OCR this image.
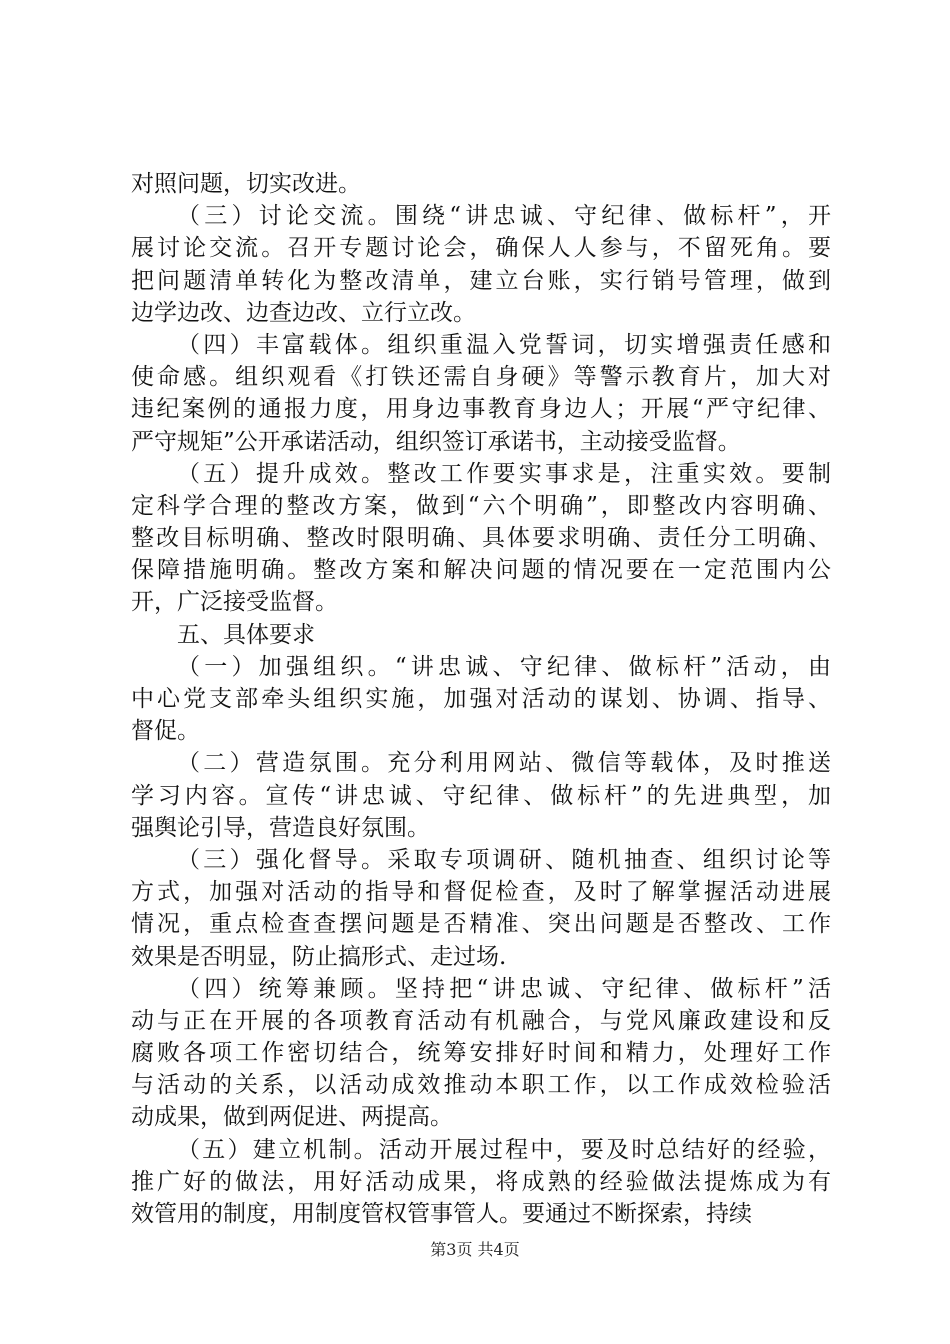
对照问题，切实改进。
（三）讨论交流。围绕“讲忠诚、守纪律、做标杆”，开
展讨论交流。召开专题讨论会，确保人人参与，不留死角。要
把问题清单转化为整改清单，建立台账，实行销号管理，做到
边学边改、边查边改、立行立改。
（四）丰富载体。组织重温入党誓词，切实增强责任感和
使命感。组织观看《打铁还需自身硬》等警示教育片，加大对
违纪案例的通报力度，用身边事教育身边人；开展“严守纪律、
严守规矩”公开承诺活动，组织签订承诺书，主动接受监督。
（五）提升成效。整改工作要实事求是，注重实效。要制
定科学合理的整改方案，做到“六个明确”，即整改内容明确、
整改目标明确、整改时限明确、具体要求明确、责任分工明确、
保障措施明确。整改方案和解决问题的情况要在一定范围内公
开，广泛接受监督。
五、具体要求
（一）加强组织。“讲忠诚、守纪律、做标杆”活动，由
中心党支部牵头组织实施，加强对活动的谋划、协调、指导、
督促。
（二）营造氛围。充分利用网站、微信等载体，及时推送
学习内容。宣传“讲忠诚、守纪律、做标杆”的先进典型，加
强舆论引导，营造良好氛围。
（三）强化督导。采取专项调研、随机抽查、组织讨论等
方式，加强对活动的指导和督促检查，及时了解掌握活动进展
情况，重点检查查摆问题是否精准、突出问题是否整改、工作
效果是否明显，防止搞形式、走过场.
（四）统筹兼顾。坚持把“讲忠诚、守纪律、做标杆”活
动与正在开展的各项教育活动有机融合，与党风廉政建设和反
腐败各项工作密切结合，统筹安排好时间和精力，处理好工作
与活动的关系，以活动成效推动本职工作，以工作成效检验活
动成果，做到两促进、两提高。
（五）建立机制。活动开展过程中，要及时总结好的经验，
推广好的做法，用好活动成果，将成熟的经验做法提炼成为有
效管用的制度，用制度管权管事管人。要通过不断探索，持续
第3页 共4页
